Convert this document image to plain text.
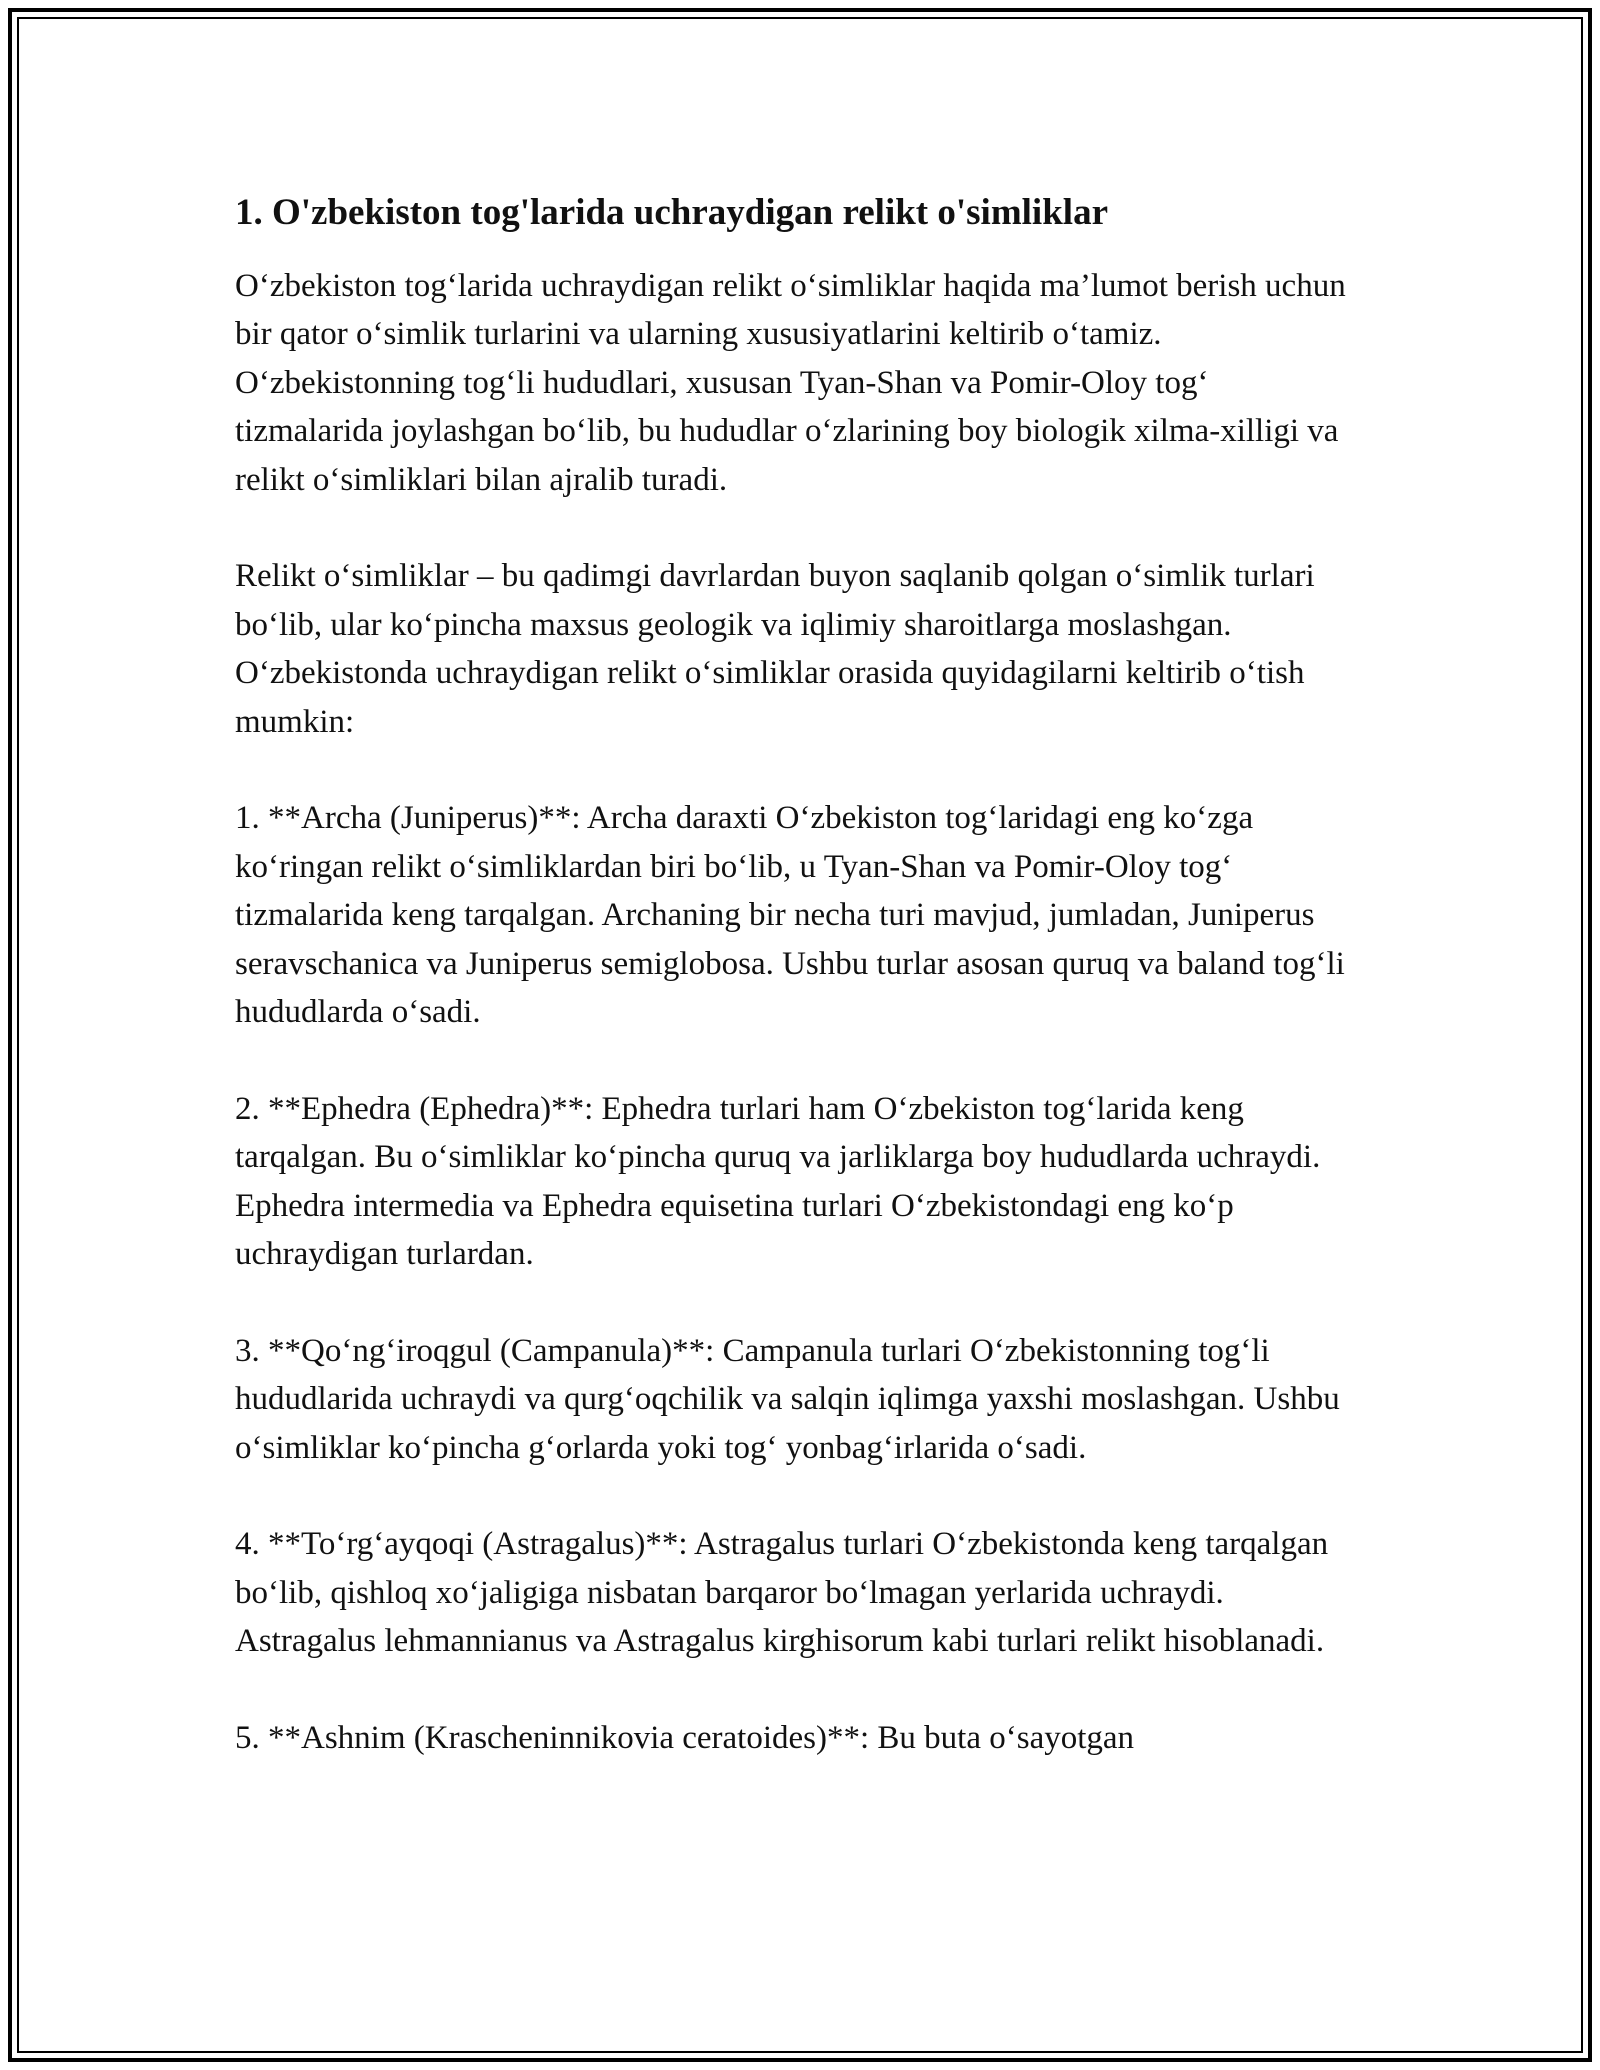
1. O'zbekiston tog'larida uchraydigan relikt o'simliklar

O‘zbekiston tog‘larida uchraydigan relikt o‘simliklar haqida ma’lumot berish uchun bir qator o‘simlik turlarini va ularning xususiyatlarini keltirib o‘tamiz. O‘zbekistonning tog‘li hududlari, xususan Tyan-Shan va Pomir-Oloy tog‘ tizmalarida joylashgan bo‘lib, bu hududlar o‘zlarining boy biologik xilma-xilligi va relikt o‘simliklari bilan ajralib turadi.

Relikt o‘simliklar – bu qadimgi davrlardan buyon saqlanib qolgan o‘simlik turlari bo‘lib, ular ko‘pincha maxsus geologik va iqlimiy sharoitlarga moslashgan. O‘zbekistonda uchraydigan relikt o‘simliklar orasida quyidagilarni keltirib o‘tish mumkin:

1. **Archa (Juniperus)**: Archa daraxti O‘zbekiston tog‘laridagi eng ko‘zga ko‘ringan relikt o‘simliklardan biri bo‘lib, u Tyan-Shan va Pomir-Oloy tog‘ tizmalarida keng tarqalgan. Archaning bir necha turi mavjud, jumladan, Juniperus seravschanica va Juniperus semiglobosa. Ushbu turlar asosan quruq va baland tog‘li hududlarda o‘sadi.

2. **Ephedra (Ephedra)**: Ephedra turlari ham O‘zbekiston tog‘larida keng tarqalgan. Bu o‘simliklar ko‘pincha quruq va jarliklarga boy hududlarda uchraydi. Ephedra intermedia va Ephedra equisetina turlari O‘zbekistondagi eng ko‘p uchraydigan turlardan.

3. **Qo‘ng‘iroqgul (Campanula)**: Campanula turlari O‘zbekistonning tog‘li hududlarida uchraydi va qurg‘oqchilik va salqin iqlimga yaxshi moslashgan. Ushbu o‘simliklar ko‘pincha g‘orlarda yoki tog‘ yonbag‘irlarida o‘sadi.

4. **To‘rg‘ayqoqi (Astragalus)**: Astragalus turlari O‘zbekistonda keng tarqalgan bo‘lib, qishloq xo‘jaligiga nisbatan barqaror bo‘lmagan yerlarida uchraydi. Astragalus lehmannianus va Astragalus kirghisorum kabi turlari relikt hisoblanadi.

5. **Ashnim (Krascheninnikovia ceratoides)**: Bu buta o‘sayotgan
